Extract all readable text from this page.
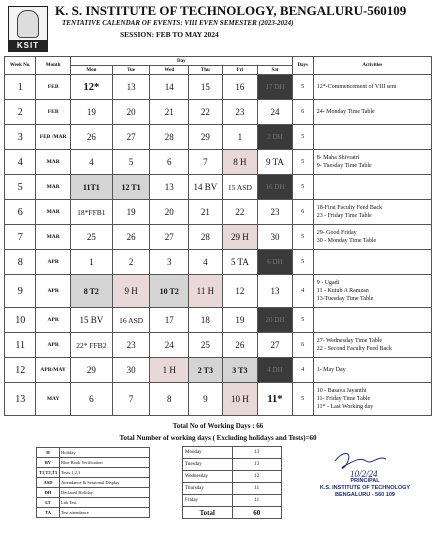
KSIT
K. S. INSTITUTE OF TECHNOLOGY, BENGALURU-560109
TENTATIVE CALENDAR OF EVENTS: VIII EVEN SEMESTER (2023-2024)
SESSION: FEB TO MAY 2024
Week No.	Month	Day						Days	Activities
		Mon	Tue	Wed	Thu	Fri	Sat		
1	FEB	12*	13	14	15	16	17 DH	5	12*-Commencement of VIII sem

2	FEB	19	20	21	22	23	24	6	24- Monday Time Table

3	FEB /MAR	26	27	28	29	1	2 DH	5	

4	MAR	4	5	6	7	8 H	9 TA	5	8- Maha Shivratri
9- Tuesday Time Table

5	MAR	11T1	12 T1	13	14 BV	15 ASD	16 DH	5	

6	MAR	18*FFB1	19	20	21	22	23	6	18-First Faculty Feed Back
23 - Friday Time Table

7	MAR	25	26	27	28	29 H	30	5	29- Good Friday
30 - Monday Time Table

8	APR	1	2	3	4	5 TA	6 DH	5	

9	APR	8 T2	9 H	10 T2	11 H	12	13	4	9 - Ugadi
11 - Kutub A Ramzan
13-Tuesday Time Table

10	APR	15 BV	16 ASD	17	18	19	20 DH	5	

11	APR	22* FFB2	23	24	25	26	27	6	27- Wednesday Time Table
22 - Second Faculty Feed Back

12	APR/MAY	29	30	1 H	2 T3	3 T3	4 DH	4	1- May Day

13	MAY	6	7	8	9	10 H	11*	5	10 - Basava Jayanthi
11- Friday Time Table
11* - Last Working day
Total No of Working Days : 66
Total Number of working days ( Excluding holidays and Tests)=60
H	Holiday
BV	Blue Book Verification
T1,T2,T3	Tests 1,2,3
ASD	Attendance & Sessional Display
DH	Declared Holiday
LT	Lab Test
TA	Test attendance
Monday	13
Tuesday	13
Wednesday	12
Thursday	11
Friday	11
Total	60
10/2/24
PRINCIPAL
K.S. INSTITUTE OF TECHNOLOGY
BENGALURU - 560 109
